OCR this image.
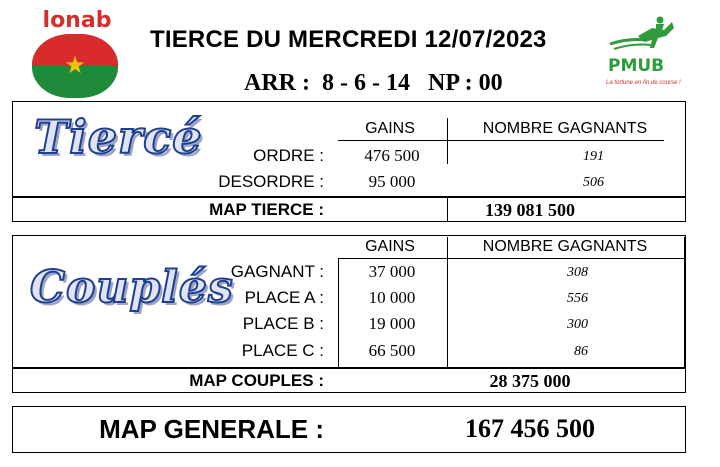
lonab
★
TIERCE DU MERCREDI 12/07/2023
ARR : 8 - 6 - 14 NP : 00
PMUB
La fortune en fin de course !
Tiercé	GAINS	NOMBRE GAGNANTS
ORDRE :	476 500	191
DESORDRE :	95 000	506
MAP TIERCE :	139 081 500
Couplés
GAINS	NOMBRE GAGNANTS
GAGNANT :	37 000	308
PLACE A :	10 000	556
PLACE B :	19 000	300
PLACE C :	66 500	86
MAP COUPLES :	28 375 000
MAP GENERALE :	167 456 500
